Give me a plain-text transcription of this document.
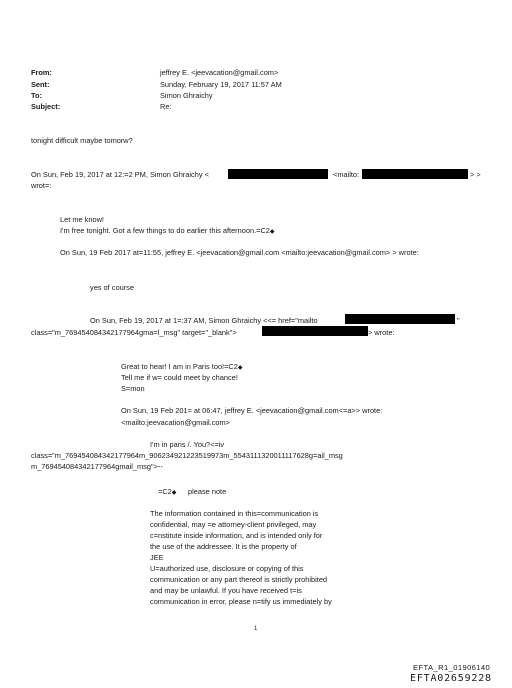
From:	jeffrey E. <jeevacation@gmail.com>
Sent:	Sunday, February 19, 2017 11:57 AM
To:	Simon Ghraichy
Subject:	Re:
tonight difficult maybe tomorw?
On Sun, Feb 19, 2017 at 12:=2 PM, Simon Ghraichy <	<mailto:	> >
wrot=:
Let me know!
I'm free tonight. Got a few things to do earlier this afternoon.=C2◆
On Sun, 19 Feb 2017 at=11:55, jeffrey E. <jeevacation@gmail.com <mailto:jeevacation@gmail.com> > wrote:
yes of course
On Sun, Feb 19, 2017 at 1=:37 AM, Simon Ghraichy <<= href="mailto	"
class="m_769454084342177964gma=l_msg" target="_blank">	> wrote:
Great to hear! I am in Paris too!=C2◆
Tell me if w= could meet by chance!
S=mon
On Sun, 19 Feb 201= at 06:47, jeffrey E. <jeevacation@gmail.com<=a>> wrote:
<mailto:jeevacation@gmail.com>
I'm in paris /. You?<=iv
class="m_769454084342177964m_906234921223519973m_5543111320011117628g=ail_msg
m_769454084342177964gmail_msg">--
=C2◆ please note
The information contained in this=communication is
confidential, may =e attorney-client privileged, may
c=nstitute inside information, and is intended only for
the use of the addressee. It is the property of
JEE
U=authorized use, disclosure or copying of this
communication or any part thereof is strictly prohibited
and may be unlawful. If you have received t=is
communication in error, please n=tify us immediately by
1
EFTA_R1_01906140
EFTA02659228
